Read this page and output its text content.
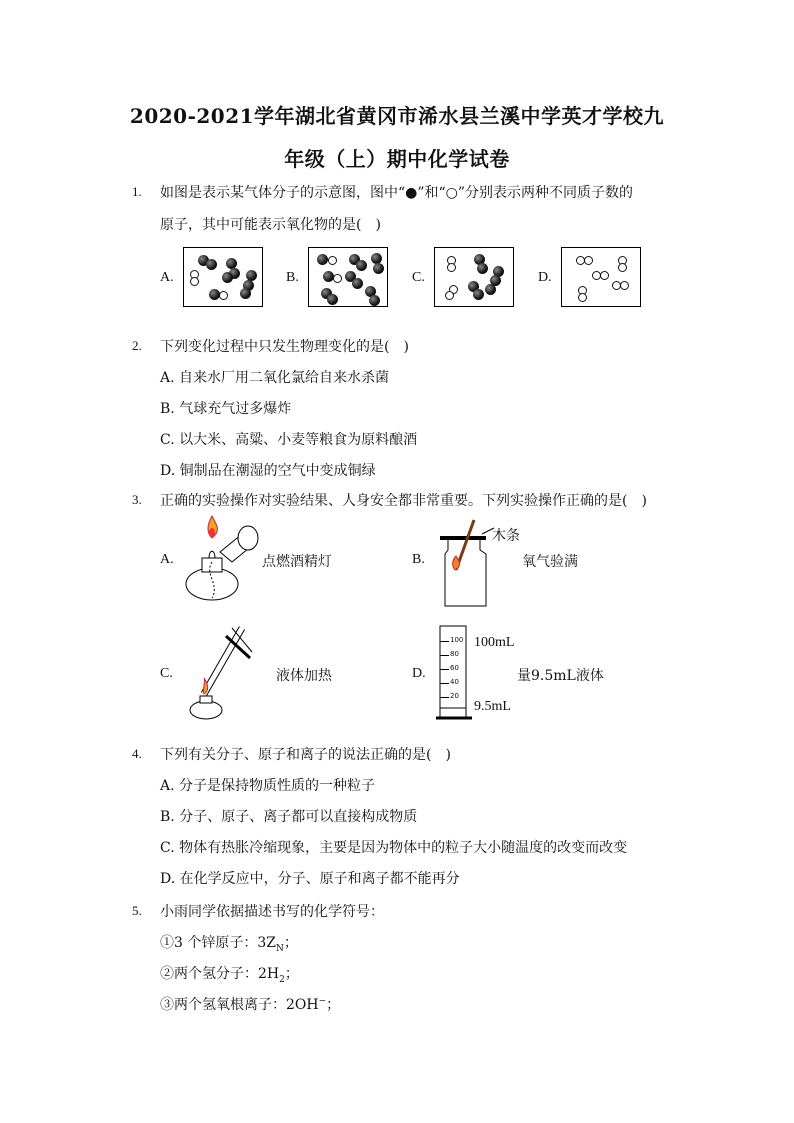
2020-2021学年湖北省黄冈市浠水县兰溪中学英才学校九
年级（上）期中化学试卷
1. 如图是表示某气体分子的示意图，图中“●”和“○”分别表示两种不同质子数的
原子，其中可能表示氧化物的是(　)
A.	B.	C.	D.
2. 下列变化过程中只发生物理变化的是(　)
A. 自来水厂用二氧化氯给自来水杀菌
B. 气球充气过多爆炸
C. 以大米、高粱、小麦等粮食为原料酿酒
D. 铜制品在潮湿的空气中变成铜绿
3. 正确的实验操作对实验结果、人身安全都非常重要。下列实验操作正确的是(　)
A.	点燃酒精灯	B.
木条
氧气验满
C.	液体加热	D.
100
80
60
40
20
100mL
量9.5mL液体
9.5mL
4. 下列有关分子、原子和离子的说法正确的是(　)
A. 分子是保持物质性质的一种粒子
B. 分子、原子、离子都可以直接构成物质
C. 物体有热胀冷缩现象，主要是因为物体中的粒子大小随温度的改变而改变
D. 在化学反应中，分子、原子和离子都不能再分
5. 小雨同学依据描述书写的化学符号：
①3 个锌原子：$3Z_N$；
②两个氢分子：$2H_2$；
③两个氢氧根离子：2OH−；
